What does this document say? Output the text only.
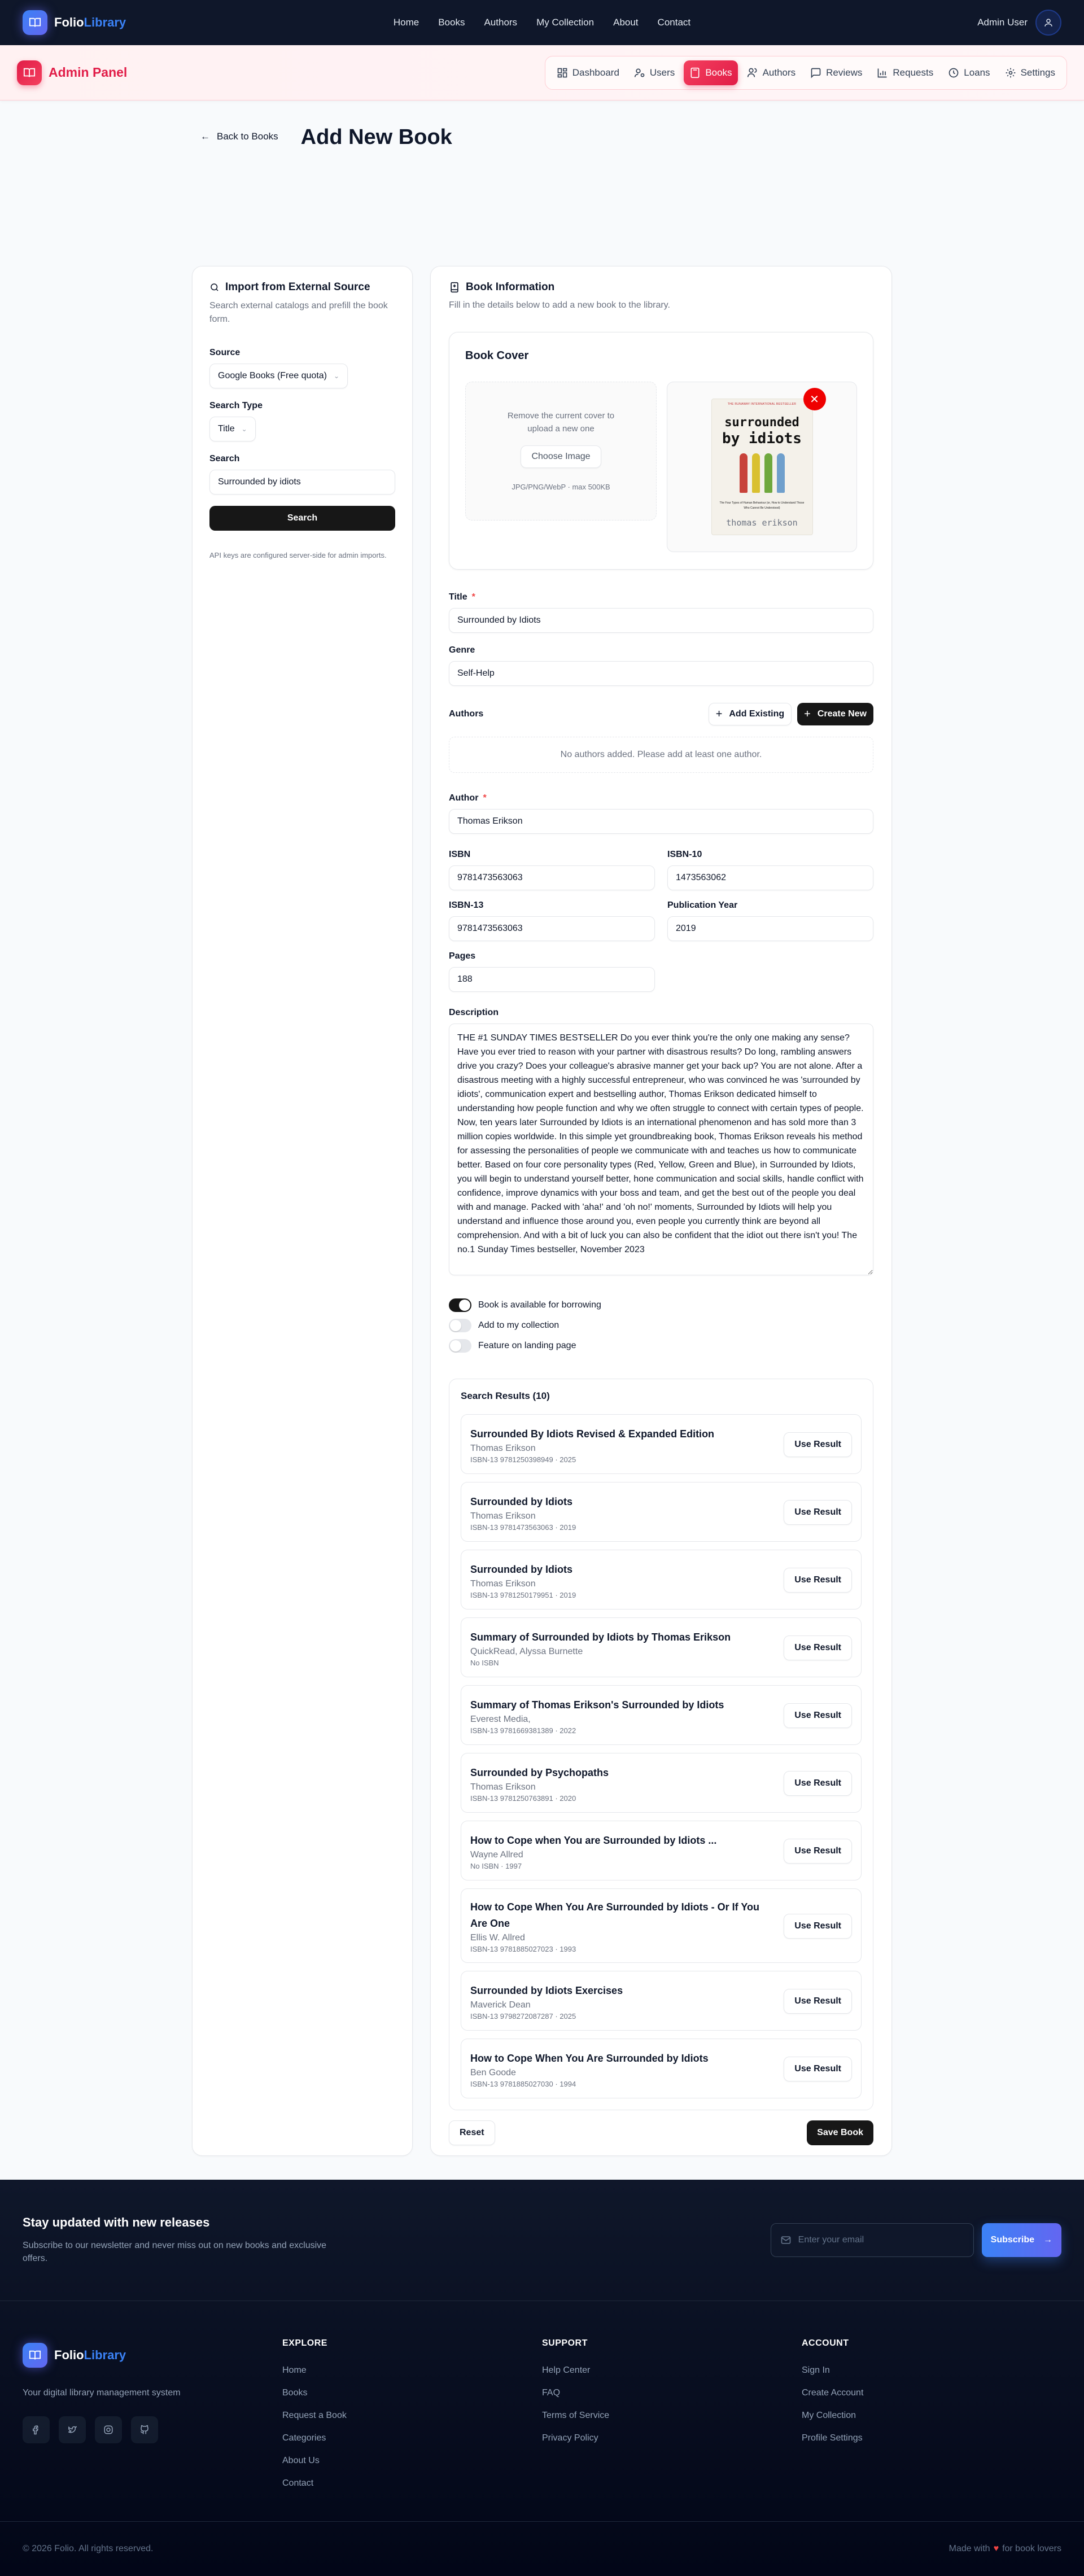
FolioLibrary	Home Books Authors My Collection About Contact	Admin User
Admin Panel	Dashboard	Users	Books	Authors	Reviews	Requests	Loans	Settings
← Back to Books Add New Book
Import from External Source

Search external catalogs and prefill the book form.

Source
Google Books (Free quota) ⌄
Search Type
Title ⌄
Search
Surrounded by idiots
Search

API keys are configured server-side for admin imports.

Book Information

Fill in the details below to add a new book to the library.

Book Cover
Remove the current cover to upload a new one
Choose Image
JPG/PNG/WebP · max 500KB
THE RUNAWAY INTERNATIONAL BESTSELLER
surrounded
by idiots
The Four Types of Human Behaviour (or, How to Understand Those Who Cannot Be Understood)
thomas erikson
✕
Title *
Surrounded by Idiots
Genre
Self-Help
Authors	+ Add Existing + Create New
No authors added. Please add at least one author.
Author *
Thomas Erikson
ISBN
9781473563063	ISBN-10
1473563062
ISBN-13
9781473563063	Publication Year
2019
Pages
188
Description
THE #1 SUNDAY TIMES BESTSELLER Do you ever think you're the only one making any sense? Have you ever tried to reason with your partner with disastrous results? Do long, rambling answers drive you crazy? Does your colleague's abrasive manner get your back up? You are not alone. After a disastrous meeting with a highly successful entrepreneur, who was convinced he was 'surrounded by idiots', communication expert and bestselling author, Thomas Erikson dedicated himself to understanding how people function and why we often struggle to connect with certain types of people. Now, ten years later Surrounded by Idiots is an international phenomenon and has sold more than 3 million copies worldwide. In this simple yet groundbreaking book, Thomas Erikson reveals his method for assessing the personalities of people we communicate with and teaches us how to communicate better. Based on four core personality types (Red, Yellow, Green and Blue), in Surrounded by Idiots, you will begin to understand yourself better, hone communication and social skills, handle conflict with confidence, improve dynamics with your boss and team, and get the best out of the people you deal with and manage. Packed with 'aha!' and 'oh no!' moments, Surrounded by Idiots will help you understand and influence those around you, even people you currently think are beyond all comprehension. And with a bit of luck you can also be confident that the idiot out there isn't you! The no.1 Sunday Times bestseller, November 2023
Book is available for borrowing
Add to my collection
Feature on landing page
Search Results (10)
Surrounded By Idiots Revised & Expanded Edition
Thomas Erikson
ISBN-13 9781250398949 · 2025
Use Result
Surrounded by Idiots
Thomas Erikson
ISBN-13 9781473563063 · 2019
Use Result
Surrounded by Idiots
Thomas Erikson
ISBN-13 9781250179951 · 2019
Use Result
Summary of Surrounded by Idiots by Thomas Erikson
QuickRead, Alyssa Burnette
No ISBN
Use Result
Summary of Thomas Erikson's Surrounded by Idiots
Everest Media,
ISBN-13 9781669381389 · 2022
Use Result
Surrounded by Psychopaths
Thomas Erikson
ISBN-13 9781250763891 · 2020
Use Result
How to Cope when You are Surrounded by Idiots ...
Wayne Allred
No ISBN · 1997
Use Result
How to Cope When You Are Surrounded by Idiots - Or If You Are One
Ellis W. Allred
ISBN-13 9781885027023 · 1993
Use Result
Surrounded by Idiots Exercises
Maverick Dean
ISBN-13 9798272087287 · 2025
Use Result
How to Cope When You Are Surrounded by Idiots
Ben Goode
ISBN-13 9781885027030 · 1994
Use Result
Reset	Save Book
Stay updated with new releases

Subscribe to our newsletter and never miss out on new books and exclusive offers.

Enter your email	Subscribe →
FolioLibrary

Your digital library management system

EXPLORE
Home
Books
Request a Book
Categories
About Us
Contact
SUPPORT
Help Center
FAQ
Terms of Service
Privacy Policy
ACCOUNT
Sign In
Create Account
My Collection
Profile Settings
© 2026 Folio. All rights reserved.	Made with ♥ for book lovers
